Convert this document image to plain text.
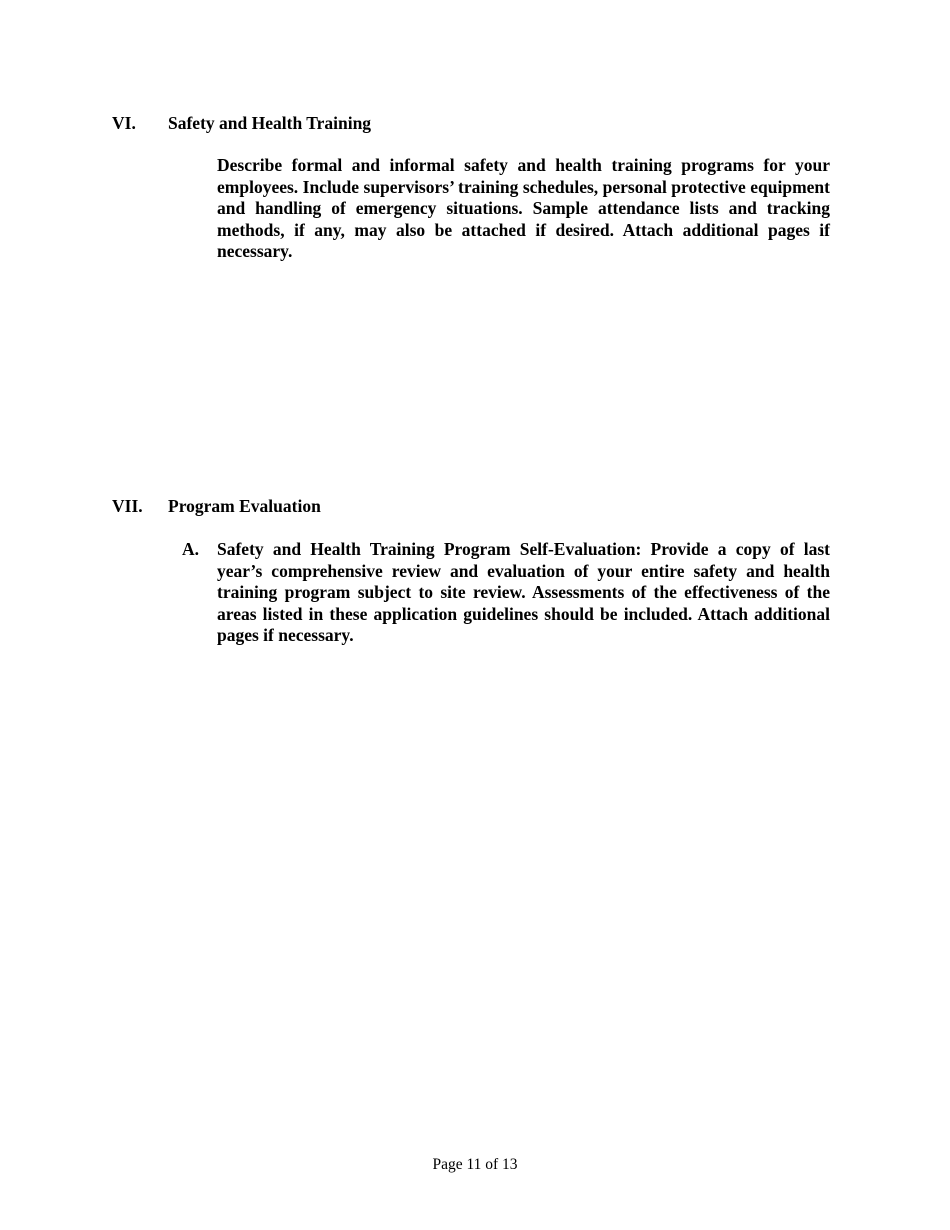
VI. Safety and Health Training
Describe formal and informal safety and health training programs for your employees. Include supervisors’ training schedules, personal protective equipment and handling of emergency situations. Sample attendance lists and tracking methods, if any, may also be attached if desired. Attach additional pages if necessary.
VII. Program Evaluation
A. Safety and Health Training Program Self-Evaluation: Provide a copy of last year’s comprehensive review and evaluation of your entire safety and health training program subject to site review. Assessments of the effectiveness of the areas listed in these application guidelines should be included. Attach additional pages if necessary.
Page 11 of 13
